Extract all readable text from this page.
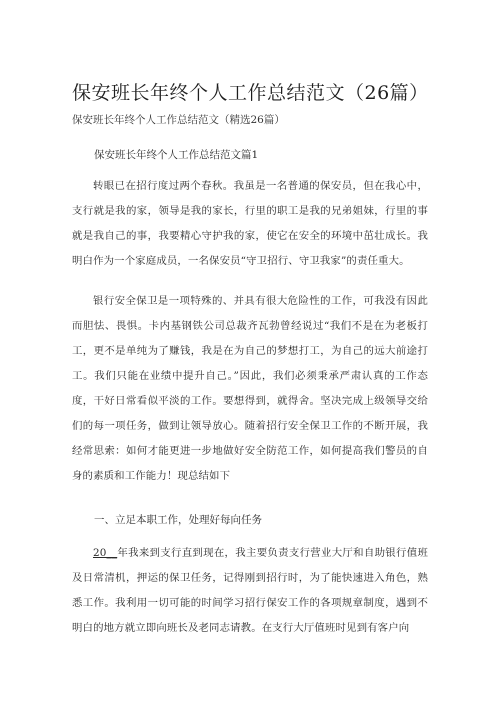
保安班长年终个人工作总结范文（26篇）
保安班长年终个人工作总结范文（精选26篇）
保安班长年终个人工作总结范文篇1
转眼已在招行度过两个春秋。我虽是一名普通的保安员，但在我心中，支行就是我的家，领导是我的家长，行里的职工是我的兄弟姐妹，行里的事就是我自己的事，我要精心守护我的家，使它在安全的环境中茁壮成长。我明白作为一个家庭成员，一名保安员“守卫招行、守卫我家”的责任重大。
银行安全保卫是一项特殊的、并具有很大危险性的工作，可我没有因此而胆怯、畏惧。卡内基钢铁公司总裁齐瓦勃曾经说过“我们不是在为老板打工，更不是单纯为了赚钱，我是在为自己的梦想打工，为自己的远大前途打工。我们只能在业绩中提升自己。”因此，我们必须秉承严肃认真的工作态度，干好日常看似平淡的工作。要想得到，就得舍。坚决完成上级领导交给们的每一项任务，做到让领导放心。随着招行安全保卫工作的不断开展，我经常思索：如何才能更进一步地做好安全防范工作，如何提高我们警员的自身的素质和工作能力！现总结如下
一、立足本职工作，处理好每向任务
20__年我来到支行直到现在，我主要负责支行营业大厅和自助银行值班及日常清机，押运的保卫任务，记得刚到招行时，为了能快速进入角色，熟悉工作。我利用一切可能的时间学习招行保安工作的各项规章制度，遇到不明白的地方就立即向班长及老同志请教。在支行大厅值班时见到有客户向
